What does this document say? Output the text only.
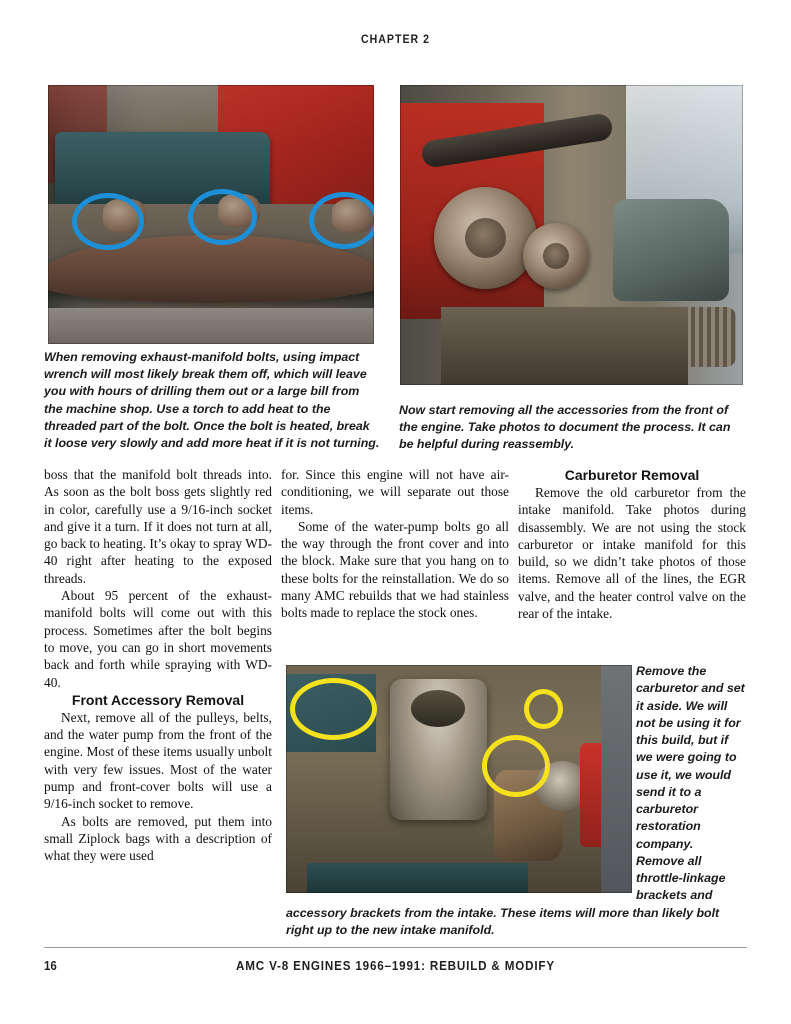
CHAPTER 2
When removing exhaust-manifold bolts, using impact wrench will most likely break them off, which will leave you with hours of drilling them out or a large bill from the machine shop. Use a torch to add heat to the threaded part of the bolt. Once the bolt is heated, break it loose very slowly and add more heat if it is not turning.
Now start removing all the accessories from the front of the engine. Take photos to document the process. It can be helpful during reassembly.

boss that the manifold bolt threads into. As soon as the bolt boss gets slightly red in color, carefully use a 9/16-inch socket and give it a turn. If it does not turn at all, go back to heating. It’s okay to spray WD-40 right after heating to the exposed threads.

About 95 percent of the exhaust-manifold bolts will come out with this process. Sometimes after the bolt begins to move, you can go in short movements back and forth while spraying with WD-40.

Front Accessory Removal

Next, remove all of the pulleys, belts, and the water pump from the front of the engine. Most of these items usually unbolt with very few issues. Most of the water pump and front-cover bolts will use a 9/16-inch socket to remove.

As bolts are removed, put them into small Ziplock bags with a description of what they were used

for. Since this engine will not have air-conditioning, we will separate out those items.

Some of the water-pump bolts go all the way through the front cover and into the block. Make sure that you hang on to these bolts for the reinstallation. We do so many AMC rebuilds that we had stainless bolts made to replace the stock ones.

Carburetor Removal

Remove the old carburetor from the intake manifold. Take photos during disassembly. We are not using the stock carburetor or intake manifold for this build, so we didn’t take photos of those items. Remove all of the lines, the EGR valve, and the heater control valve on the rear of the intake.

Remove the carburetor and set it aside. We will not be using it for this build, but if we were going to use it, we would send it to a carburetor restoration company. Remove all throttle-linkage brackets and accessory brackets from the intake. These items will more than likely bolt right up to the new intake manifold.
16	AMC V-8 ENGINES 1966–1991: REBUILD & MODIFY
